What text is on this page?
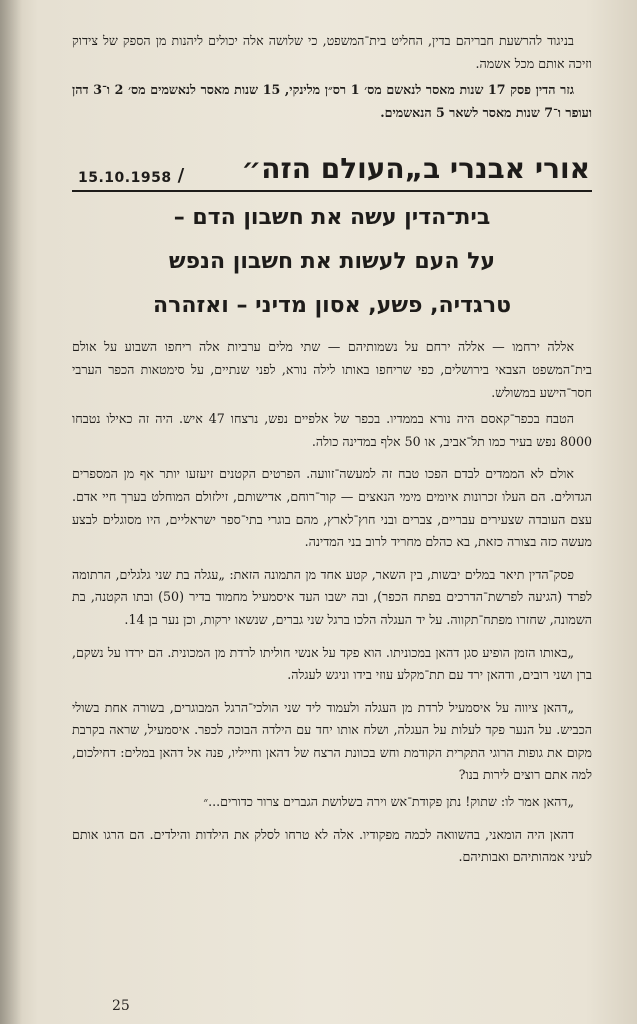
בניגוד להרשעת חבריהם בדין, החליט בית־המשפט, כי שלושה אלה יכולים ליהנות מן הספק של צידוק וזיכה אותם מכל אשמה.

גזר הדין פסק 17 שנות מאסר לנאשם מס׳ 1 רס״ן מלינקי, 15 שנות מאסר לנאשמים מס׳ 2 ו־3 דהן ועופר ו־7 שנות מאסר לשאר 5 הנאשמים.

15.10.1958 / אורי אבנרי ב„העולם הזה״
בית־הדין עשה את חשבון הדם –
על העם לעשות את חשבון הנפש
טרגדיה, פשע, אסון מדיני – ואזהרה

אללה ירחמו — אללה ירחם על נשמותיהם — שתי מלים ערביות אלה ריחפו השבוע על אולם בית־המשפט הצבאי בירושלים, כפי שריחפו באותו לילה נורא, לפני שנתיים, על סימטאות הכפר הערבי חסר־הישע במשולש.

הטבח בכפר־קאסם היה נורא בממדיו. בכפר של אלפיים נפש, נרצחו 47 איש. היה זה כאילו נטבחו 8000 נפש בעיר כמו תל־אביב, או 50 אלף במדינה כולה.

אולם לא הממדים לבדם הפכו טבח זה למעשה־זוועה. הפרטים הקטנים זיעזעו יותר אף מן המספרים הגדולים. הם העלו זכרונות איומים מימי הנאצים — קור־רוחם, אדישותם, זילזולם המוחלט בערך חיי אדם. עצם העובדה שצעירים עבריים, צברים ובני חוץ־לארץ, מהם בוגרי בתי־ספר ישראליים, היו מסוגלים לבצע מעשה כזה בצורה כזאת, בא כהלם מחריד לרוב בני המדינה.

פסק־הדין תיאר במלים יבשות, בין השאר, קטע אחד מן התמונה הזאת: „עגלה בת שני גלגלים, הרתומה לפרד (הגיעה לפרשת־הדרכים בפתח הכפר), ובה ישבו העד איסמעיל מחמוד בדיר (50) ובתו הקטנה, בת השמונה, שחזרו מפתח־תקווה. על יד העגלה הלכו ברגל שני גברים, שנשאו ירקות, וכן נער בן 14.

„באותו הזמן הופיע סגן דהאן במכוניתו. הוא פקד על אנשי חוליתו לרדת מן המכונית. הם ירדו על נשקם, ברן ושני רובים, ודהאן ירד עם תת־מקלע עוזי בידו וניגש לעגלה.

„דהאן ציווה על איסמעיל לרדת מן העגלה ולעמוד ליד שני הולכי־הרגל המבוגרים, בשורה אחת בשולי הכביש. על הנער פקד לעלות על העגלה, ושלח אותו יחד עם הילדה הבוכה לכפר. איסמעיל, שראה בקרבת מקום את גופות הרוגי התקרית הקודמת וחש בכוונת הרצח של דהאן וחייליו, פנה אל דהאן במלים: דחילכום, למה אתם רוצים לירות בנו?

„דהאן אמר לו: שתוק! נתן פקודת־אש וירה בשלושת הגברים צרור כדורים...״

דהאן היה הומאני, בהשוואה לכמה מפקודיו. אלה לא טרחו לסלק את הילדות והילדים. הם הרגו אותם לעיני אמהותיהם ואבותיהם.

25
